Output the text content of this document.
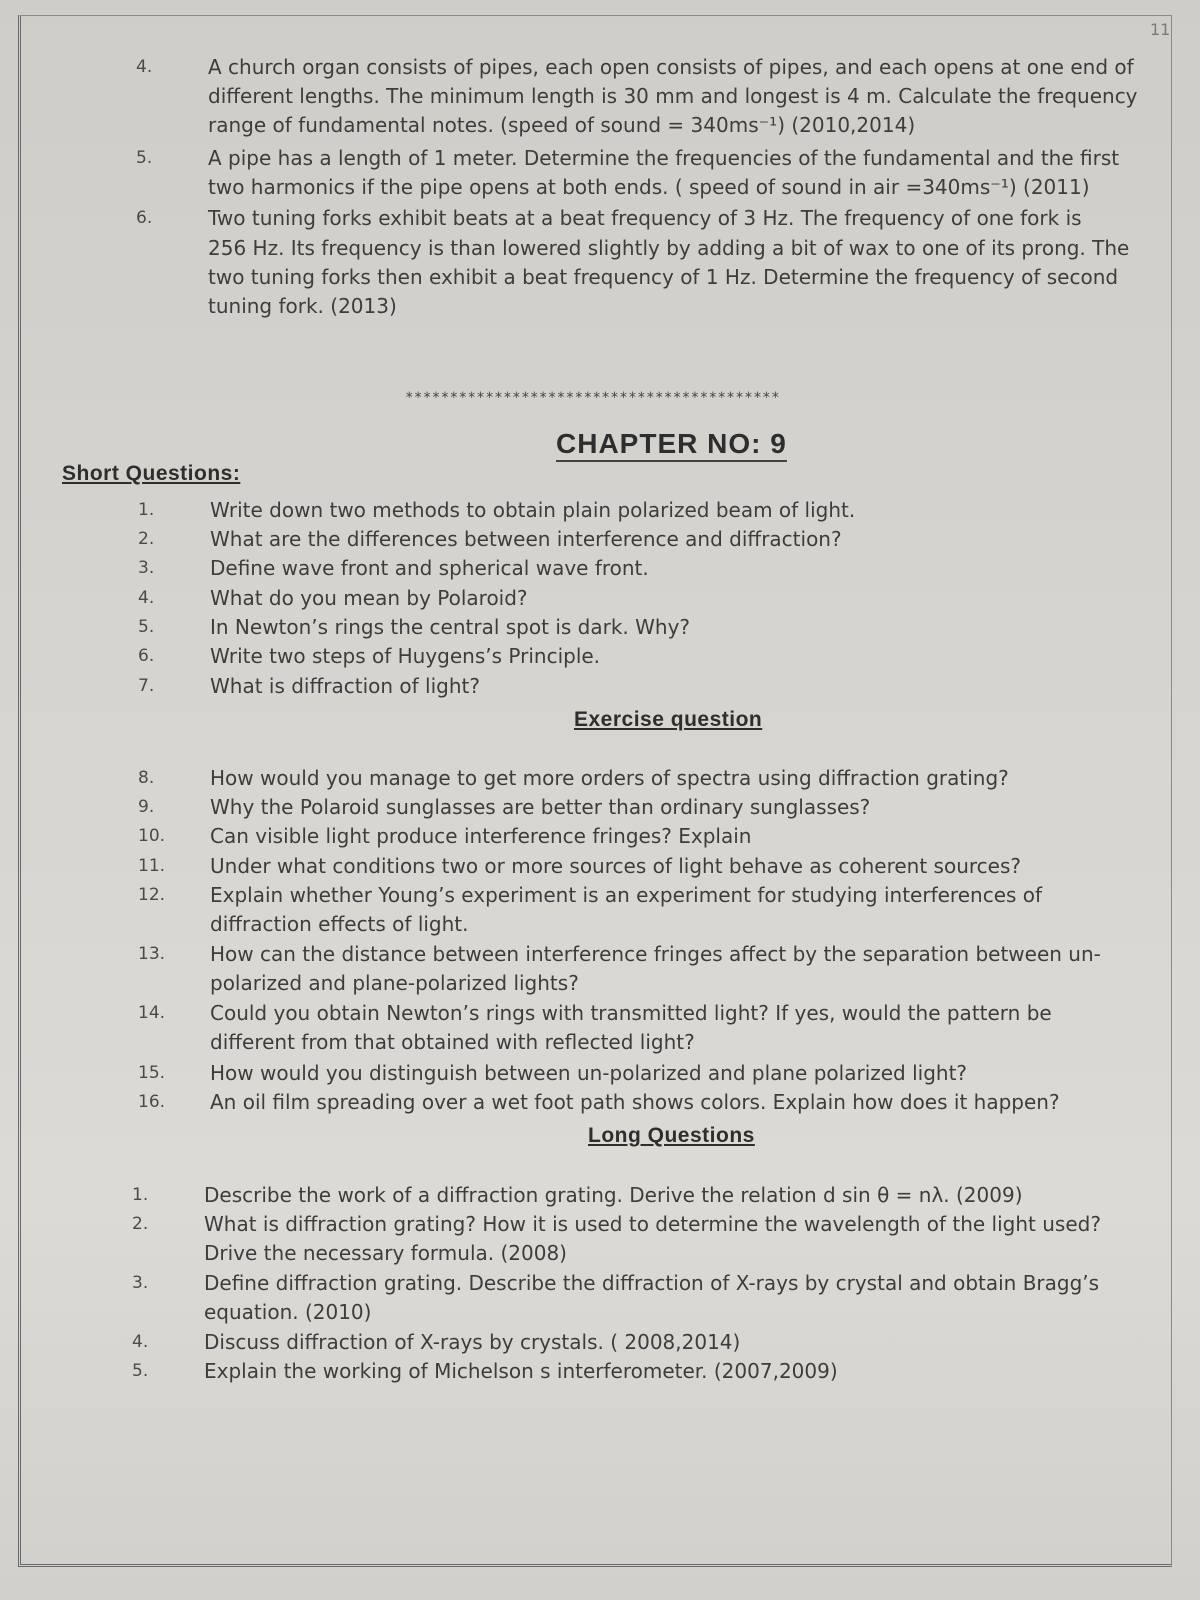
11
4.	A church organ consists of pipes, each open consists of pipes, and each opens at one end of
different lengths. The minimum length is 30 mm and longest is 4 m. Calculate the frequency
range of fundamental notes. (speed of sound = 340ms⁻¹) (2010,2014)
5.	A pipe has a length of 1 meter. Determine the frequencies of the fundamental and the first
two harmonics if the pipe opens at both ends. ( speed of sound in air =340ms⁻¹) (2011)
6.	Two tuning forks exhibit beats at a beat frequency of 3 Hz. The frequency of one fork is
256 Hz. Its frequency is than lowered slightly by adding a bit of wax to one of its prong. The
two tuning forks then exhibit a beat frequency of 1 Hz. Determine the frequency of second
tuning fork. (2013)
******************************************
CHAPTER NO: 9
Short Questions:
1.	Write down two methods to obtain plain polarized beam of light.
2.	What are the differences between interference and diffraction?
3.	Define wave front and spherical wave front.
4.	What do you mean by Polaroid?
5.	In Newton’s rings the central spot is dark. Why?
6.	Write two steps of Huygens’s Principle.
7.	What is diffraction of light?
Exercise question
8.	How would you manage to get more orders of spectra using diffraction grating?
9.	Why the Polaroid sunglasses are better than ordinary sunglasses?
10.	Can visible light produce interference fringes? Explain
11.	Under what conditions two or more sources of light behave as coherent sources?
12.	Explain whether Young’s experiment is an experiment for studying interferences of
diffraction effects of light.
13.	How can the distance between interference fringes affect by the separation between un-
polarized and plane-polarized lights?
14.	Could you obtain Newton’s rings with transmitted light? If yes, would the pattern be
different from that obtained with reflected light?
15.	How would you distinguish between un-polarized and plane polarized light?
16.	An oil film spreading over a wet foot path shows colors. Explain how does it happen?
Long Questions
1.	Describe the work of a diffraction grating. Derive the relation d sin θ = nλ. (2009)
2.	What is diffraction grating? How it is used to determine the wavelength of the light used?
Drive the necessary formula. (2008)
3.	Define diffraction grating. Describe the diffraction of X-rays by crystal and obtain Bragg’s
equation. (2010)
4.	Discuss diffraction of X-rays by crystals. ( 2008,2014)
5.	Explain the working of Michelson s interferometer. (2007,2009)
